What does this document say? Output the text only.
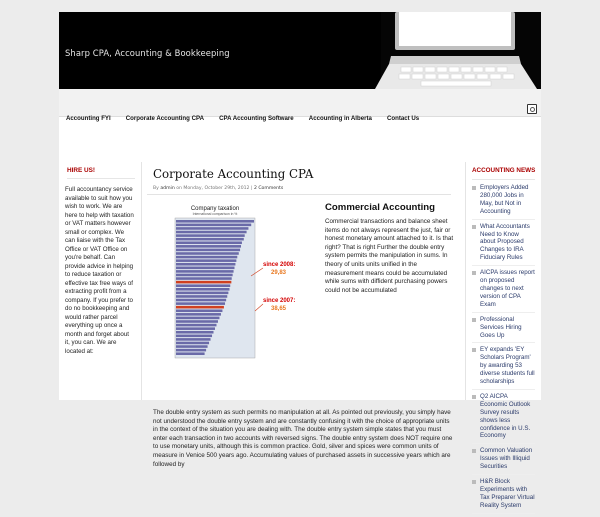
Sharp CPA, Accounting & Bookkeeping
Accounting FYI Corporate Accounting CPA CPA Accounting Software Accounting in Alberta Contact Us
HIRE US!

Full accountancy service available to suit how you wish to work. We are here to help with taxation or VAT matters however small or complex. We can liaise with the Tax Office or VAT Office on you're behalf. Can provide advice in helping to reduce taxation or effective tax free ways of extracting profit from a company. If you prefer to do no bookkeeping and would rather parcel everything up once a month and forget about it, you can. We are located at:

Corporate Accounting CPA
By admin on Monday, October 29th, 2012 | 2 Comments
Company taxation
International comparison in %
since 2008:
29,83
since 2007:
38,65
Commercial Accounting
Commercial transactions and balance sheet items do not always represent the just, fair or honest monetary amount attached to it. Is that right? That is right Further the double entry system permits the manipulation in sums. In theory of units units unified in the measurement means could be accumulated while sums with diffident purchasing powers could not be accumulated
The double entry system as such permits no manipulation at all. As pointed out previously, you simply have not understood the double entry system and are constantly confusing it with the choice of appropriate units in the context of the situation you are dealing with. The double entry system simple states that you must enter each transaction in two accounts with reversed signs. The double entry system does NOT require one to use monetary units, although this is common practice. Gold, silver and spices were common units of measure in Venice 500 years ago. Accumulating values of purchased assets in successive years which are followed by
ACCOUNTING NEWS
Employers Added 280,000 Jobs in May, but Not in Accounting
What Accountants Need to Know about Proposed Changes to IRA Fiduciary Rules
AICPA issues report on proposed changes to next version of CPA Exam
Professional Services Hiring Goes Up
EY expands 'EY Scholars Program' by awarding 53 diverse students full scholarships
Q2 AICPA Economic Outlook Survey results shows less confidence in U.S. Economy
Common Valuation Issues with Illiquid Securities
H&R Block Experiments with Tax Preparer Virtual Reality System
